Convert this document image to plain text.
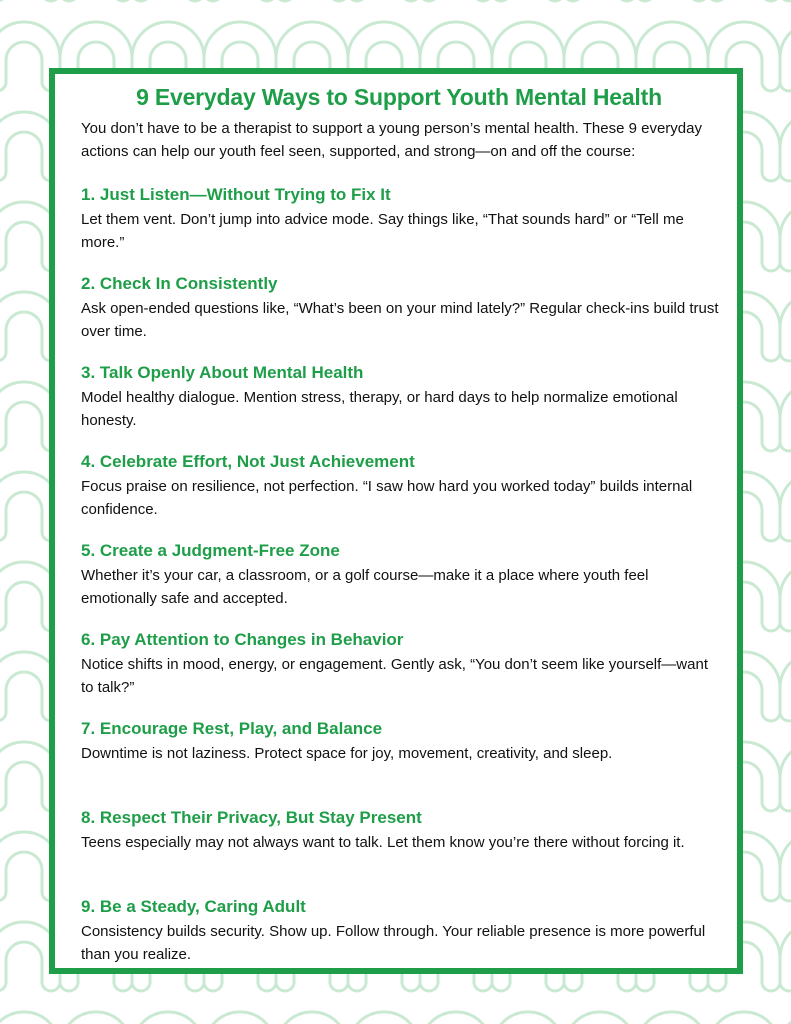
9 Everyday Ways to Support Youth Mental Health

You don’t have to be a therapist to support a young person’s mental health. These 9 everyday actions can help our youth feel seen, supported, and strong—on and off the course:

1. Just Listen—Without Trying to Fix It

Let them vent. Don’t jump into advice mode. Say things like, “That sounds hard” or “Tell me more.”

2. Check In Consistently

Ask open-ended questions like, “What’s been on your mind lately?” Regular check-ins build trust over time.

3. Talk Openly About Mental Health

Model healthy dialogue. Mention stress, therapy, or hard days to help normalize emotional honesty.

4. Celebrate Effort, Not Just Achievement

Focus praise on resilience, not perfection. “I saw how hard you worked today” builds internal confidence.

5. Create a Judgment-Free Zone

Whether it’s your car, a classroom, or a golf course—make it a place where youth feel emotionally safe and accepted.

6. Pay Attention to Changes in Behavior

Notice shifts in mood, energy, or engagement. Gently ask, “You don’t seem like yourself—want to talk?”

7. Encourage Rest, Play, and Balance

Downtime is not laziness. Protect space for joy, movement, creativity, and sleep.

8. Respect Their Privacy, But Stay Present

Teens especially may not always want to talk. Let them know you’re there without forcing it.

9. Be a Steady, Caring Adult

Consistency builds security. Show up. Follow through. Your reliable presence is more powerful than you realize.
